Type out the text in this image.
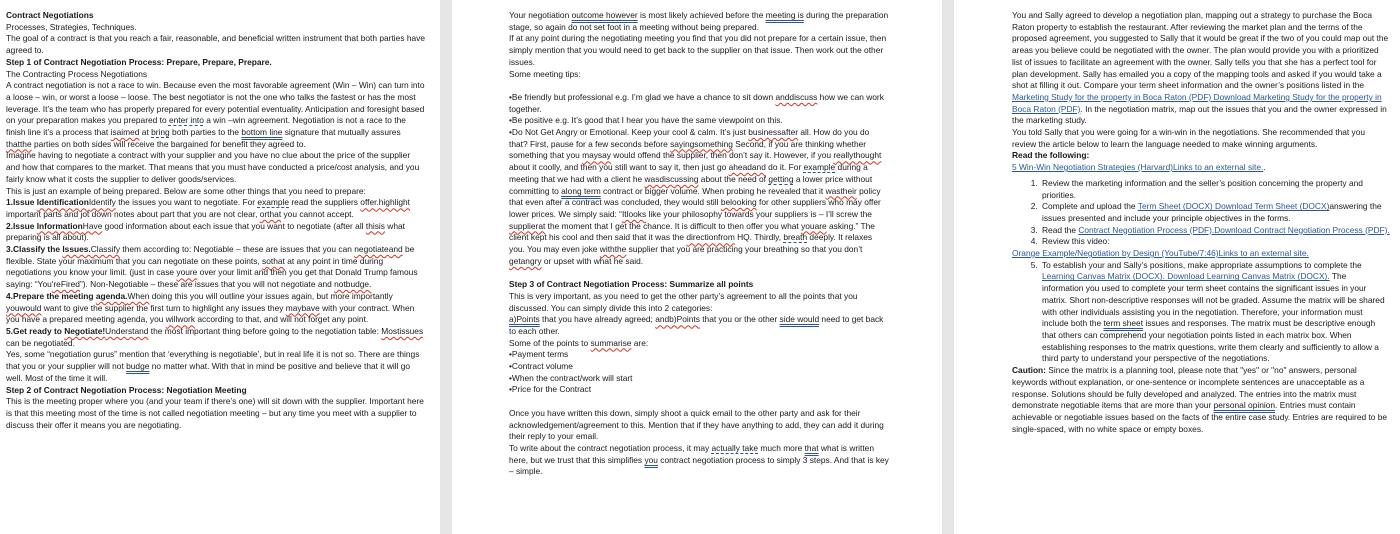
Contract Negotiations

Processes, Strategies, Techniques.

The goal of a contract is that you reach a fair, reasonable, and beneficial written instrument that both parties have agreed to.

Step 1 of Contract Negotiation Process: Prepare, Prepare, Prepare.

The Contracting Process Negotiations

A contract negotiation is not a race to win. Because even the most favorable agreement (Win – Win) can turn into a loose – win, or worst a loose – loose. The best negotiator is not the one who talks the fastest or has the most leverage. It’s the team who has properly prepared for every potential eventuality. Anticipation and foresight based on your preparation makes you prepared to enter into a win –win agreement. Negotiation is not a race to the finish line it’s a process that isaimed at bring both parties to the bottom line signature that mutually assures thatthe parties on both sides will receive the bargained for benefit they agreed to.

Imagine having to negotiate a contract with your supplier and you have no clue about the price of the supplier and how that compares to the market. That means that you must have conducted a price/cost analysis, and you fairly know what it costs the supplier to deliver goods/services.

This is just an example of being prepared. Below are some other things that you need to prepare:

1.Issue IdentificationIdentify the issues you want to negotiate. For example read the suppliers offer.highlight important parts and jot down notes about part that you are not clear, orthat you cannot accept.

2.Issue InformationHave good information about each issue that you want to negotiate (after all thisis what preparing is all about).

3.Classify the Issues.Classify them according to: Negotiable – these are issues that you can negotiateand be flexible. State your maximum that you can negotiate on these points, sothat at any point in time during negotiations you know your limit. (just in case youre over your limit and then you get that Donald Trump famous saying: “You'reFired”). Non-Negotiable – these are issues that you will not negotiate and notbudge.

4.Prepare the meeting agenda.When doing this you will outline your issues again, but more importantly youwould want to give the supplier the first turn to highlight any issues they maybave with your contract. When you have a prepared meeting agenda, you willwork according to that, and will not forget any point.

5.Get ready to Negotiate!Understand the most important thing before going to the negotiation table: Mostissues can be negotiated.

Yes, some “negotiation gurus” mention that ‘everything is negotiable’, but in real life it is not so. There are things that you or your supplier will not budge no matter what. With that in mind be positive and believe that it will go well. Most of the time it will.

Step 2 of Contract Negotiation Process: Negotiation Meeting

This is the meeting proper where you (and your team if there’s one) will sit down with the supplier. Important here is that this meeting most of the time is not called negotiation meeting – but any time you meet with a supplier to discuss their offer it means you are negotiating.

Your negotiation outcome however is most likely achieved before the meeting is during the preparation stage, so again do not set foot in a meeting without being prepared.

If at any point during the negotiating meeting you find that you did not prepare for a certain issue, then simply mention that you would need to get back to the supplier on that issue. Then work out the other issues.

Some meeting tips:

•Be friendly but professional e.g. I’m glad we have a chance to sit down anddiscuss how we can work together.

•Be positive e.g. It’s good that I hear you have the same viewpoint on this.

•Do Not Get Angry or Emotional. Keep your cool & calm. It’s just businessafter all. How do you do that? First, pause for a few seconds before sayingsomething Second, if you are thinking whether something that you maysay would offend the supplier, then don’t say it. However, if you reallythought about it coolly, and then you still want to say it, then just go aheadand do it. For example during a meeting that we had with a client he wasdiscussing about the need of getting a lower price without committing to along term contract or bigger volume. When probing he revealed that it wastheir policy that even after a contract was concluded, they would still belooking for other suppliers who may offer lower prices. We simply said: “Itlooks like your philosophy towards your suppliers is – I’ll screw the supplierat the moment that I get the chance. It is difficult to then offer you what youare asking.” The client kept his cool and then said that it was the directionfrom HQ. Thirdly, breath deeply. It relaxes you. You may even joke withthe supplier that you are practicing your breathing so that you don’t getangry or upset with what he said.

Step 3 of Contract Negotiation Process: Summarize all points

This is very important, as you need to get the other party’s agreement to all the points that you discussed. You can simply divide this into 2 categories:

a)Points that you have already agreed; andb)Points that you or the other side would need to get back to each other.

Some of the points to summarise are:

•Payment terms

•Contract volume

•When the contract/work will start

•Price for the Contract

Once you have written this down, simply shoot a quick email to the other party and ask for their acknowledgement/agreement to this. Mention that if they have anything to add, they can add it during their reply to your email.

To write about the contract negotiation process, it may actually take much more that what is written here, but we trust that this simplifies you contract negotiation process to simply 3 steps. And that is key – simple.

You and Sally agreed to develop a negotiation plan, mapping out a strategy to purchase the Boca Raton property to establish the restaurant. After reviewing the market plan and the terms of the proposed agreement, you suggested to Sally that it would be great if the two of you could map out the areas you believe could be negotiated with the owner. The plan would provide you with a prioritized list of issues to facilitate an agreement with the owner. Sally tells you that she has a perfect tool for plan development. Sally has emailed you a copy of the mapping tools and asked if you would take a shot at filling it out. Compare your term sheet information and the owner’s positions listed in the Marketing Study for the property in Boca Raton (PDF) Download Marketing Study for the property in Boca Raton (PDF). In the negotiation matrix, map out the issues that you and the owner expressed in the marketing study.

You told Sally that you were going for a win-win in the negotiations. She recommended that you review the article below to learn the language needed to make winning arguments.

Read the following:

5 Win-Win Negotiation Strategies (Harvard)Links to an external site..

1. Review the marketing information and the seller’s position concerning the property and priorities.
2. Complete and upload the Term Sheet (DOCX) Download Term Sheet (DOCX)answering the issues presented and include your principle objectives in the forms.
3. Read the Contract Negotiation Process (PDF).Download Contract Negotiation Process (PDF).
4. Review this video:

Orange Example/Negotiation by Design (YouTube/7:46)Links to an external site.

5. To establish your and Sally’s positions, make appropriate assumptions to complete the Learning Canvas Matrix (DOCX). Download Learning Canvas Matrix (DOCX). The information you used to complete your term sheet contains the significant issues in your matrix. Short non-descriptive responses will not be graded. Assume the matrix will be shared with other individuals assisting you in the negotiation. Therefore, your information must include both the term sheet issues and responses. The matrix must be descriptive enough that others can comprehend your negotiation points listed in each matrix box. When establishing responses to the matrix questions, write them clearly and sufficiently to allow a third party to understand your perspective of the negotiations.

Caution: Since the matrix is a planning tool, please note that "yes" or "no" answers, personal keywords without explanation, or one-sentence or incomplete sentences are unacceptable as a response. Solutions should be fully developed and analyzed. The entries into the matrix must demonstrate negotiable items that are more than your personal opinion. Entries must contain achievable or negotiable issues based on the facts of the entire case study. Entries are required to be single-spaced, with no white space or empty boxes.
